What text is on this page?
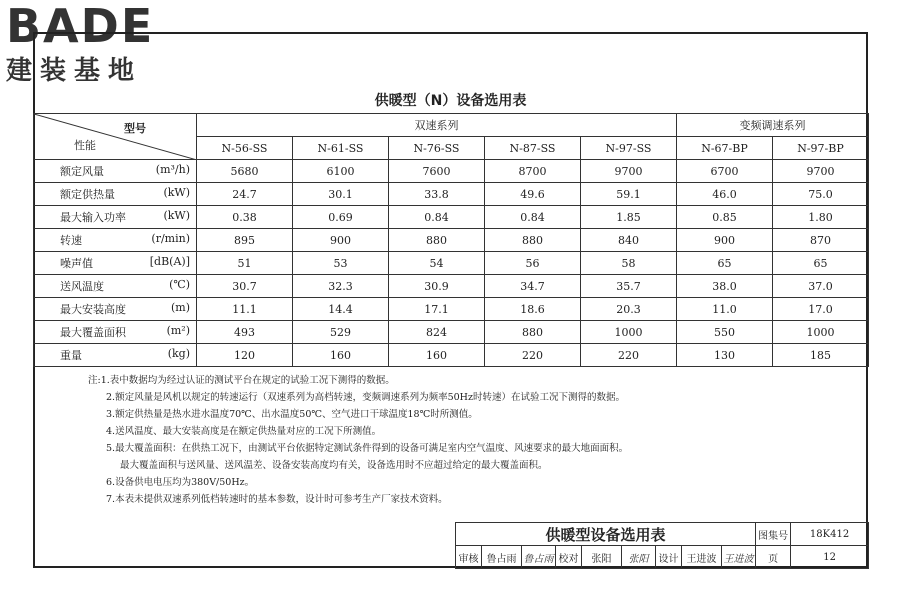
BADE
建装基地
供暖型（N）设备选用表
型号
性能	双速系列					变频调速系列	
	N-56-SS	N-61-SS	N-76-SS	N-87-SS	N-97-SS	N-67-BP	N-97-BP

额定风量 (m³/h)	5680	6100	7600	8700	9700	6700	9700

额定供热量 (kW)	24.7	30.1	33.8	49.6	59.1	46.0	75.0

最大输入功率 (kW)	0.38	0.69	0.84	0.84	1.85	0.85	1.80

转速 (r/min)	895	900	880	880	840	900	870

噪声值 [dB(A)]	51	53	54	56	58	65	65

送风温度 (℃)	30.7	32.3	30.9	34.7	35.7	38.0	37.0

最大安装高度 (m)	11.1	14.4	17.1	18.6	20.3	11.0	17.0

最大覆盖面积 (m²)	493	529	824	880	1000	550	1000

重量 (kg)	120	160	160	220	220	130	185
注:1.表中数据均为经过认证的测试平台在规定的试验工况下测得的数据。
2.额定风量是风机以规定的转速运行（双速系列为高档转速，变频调速系列为频率50Hz时转速）在试验工况下测得的数据。
3.额定供热量是热水进水温度70℃、出水温度50℃、空气进口干球温度18℃时所测值。
4.送风温度、最大安装高度是在额定供热量对应的工况下所测值。
5.最大覆盖面积：在供热工况下，由测试平台依据特定测试条件得到的设备可满足室内空气温度、风速要求的最大地面面积。
最大覆盖面积与送风量、送风温差、设备安装高度均有关，设备选用时不应超过给定的最大覆盖面积。
6.设备供电电压均为380V/50Hz。
7.本表未提供双速系列低档转速时的基本参数，设计时可参考生产厂家技术资料。
供暖型设备选用表									图集号	18K412
审核	鲁占雨	鲁占雨	校对	张阳	张阳	设计	王进波	王进波	页	12
